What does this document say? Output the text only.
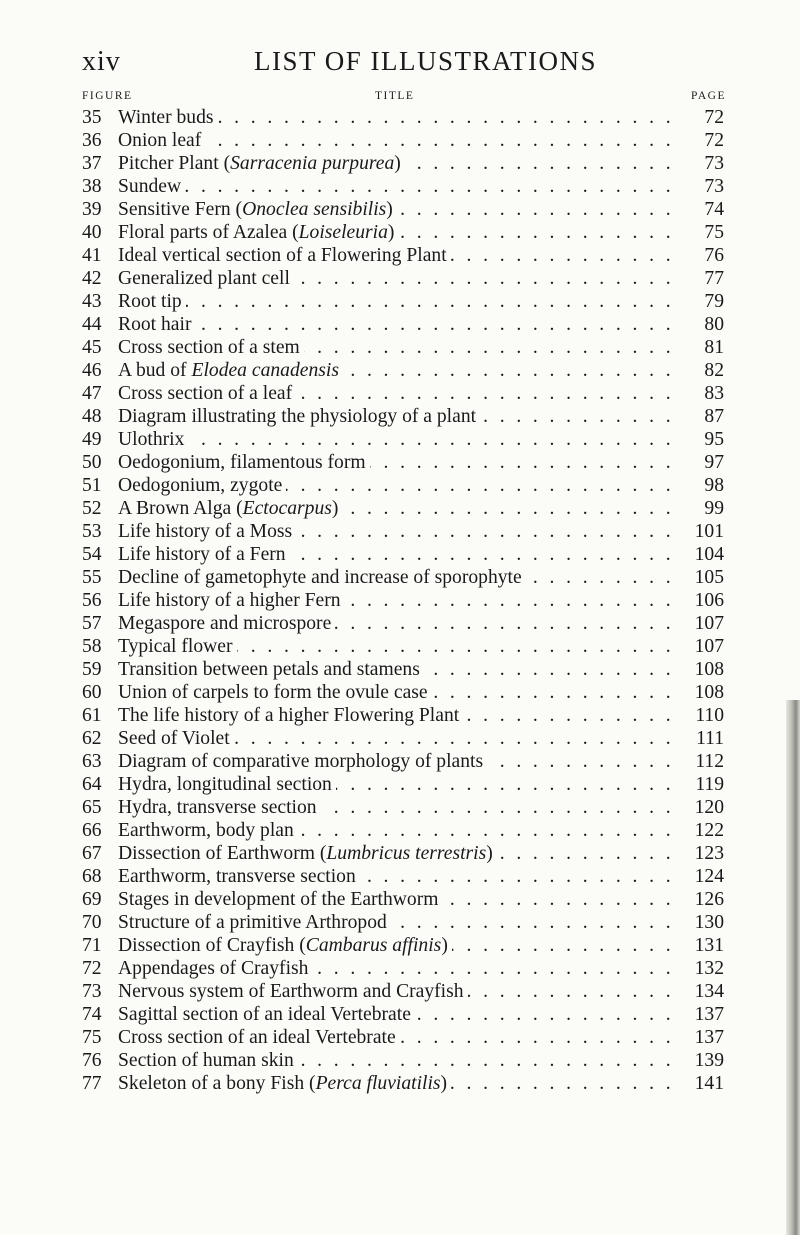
xiv	LIST OF ILLUSTRATIONS
FIGURE	TITLE	PAGE
35 Winter buds . . .	72
36 Onion leaf . . .	72
37 Pitcher Plant (Sarracenia purpurea) . . .	73
38 Sundew . . .	73
39 Sensitive Fern (Onoclea sensibilis) . . .	74
40 Floral parts of Azalea (Loiseleuria) . . .	75
41 Ideal vertical section of a Flowering Plant . . .	76
42 Generalized plant cell . . .	77
43 Root tip . . .	79
44 Root hair . . .	80
45 Cross section of a stem . . .	81
46 A bud of Elodea canadensis . . .	82
47 Cross section of a leaf . . .	83
48 Diagram illustrating the physiology of a plant . . .	87
49 Ulothrix . . .	95
50 Oedogonium, filamentous form . . .	97
51 Oedogonium, zygote . . .	98
52 A Brown Alga (Ectocarpus) . . .	99
53 Life history of a Moss . . .	101
54 Life history of a Fern . . .	104
55 Decline of gametophyte and increase of sporophyte . . .	105
56 Life history of a higher Fern . . .	106
57 Megaspore and microspore . . .	107
58 Typical flower . . .	107
59 Transition between petals and stamens . . .	108
60 Union of carpels to form the ovule case . . .	108
61 The life history of a higher Flowering Plant . . .	110
62 Seed of Violet . . .	111
63 Diagram of comparative morphology of plants . . .	112
64 Hydra, longitudinal section . . .	119
65 Hydra, transverse section . . .	120
66 Earthworm, body plan . . .	122
67 Dissection of Earthworm (Lumbricus terrestris) . . .	123
68 Earthworm, transverse section . . .	124
69 Stages in development of the Earthworm . . .	126
70 Structure of a primitive Arthropod . . .	130
71 Dissection of Crayfish (Cambarus affinis) . . .	131
72 Appendages of Crayfish . . .	132
73 Nervous system of Earthworm and Crayfish . . .	134
74 Sagittal section of an ideal Vertebrate . . .	137
75 Cross section of an ideal Vertebrate . . .	137
76 Section of human skin . . .	139
77 Skeleton of a bony Fish (Perca fluviatilis) . . .	141
